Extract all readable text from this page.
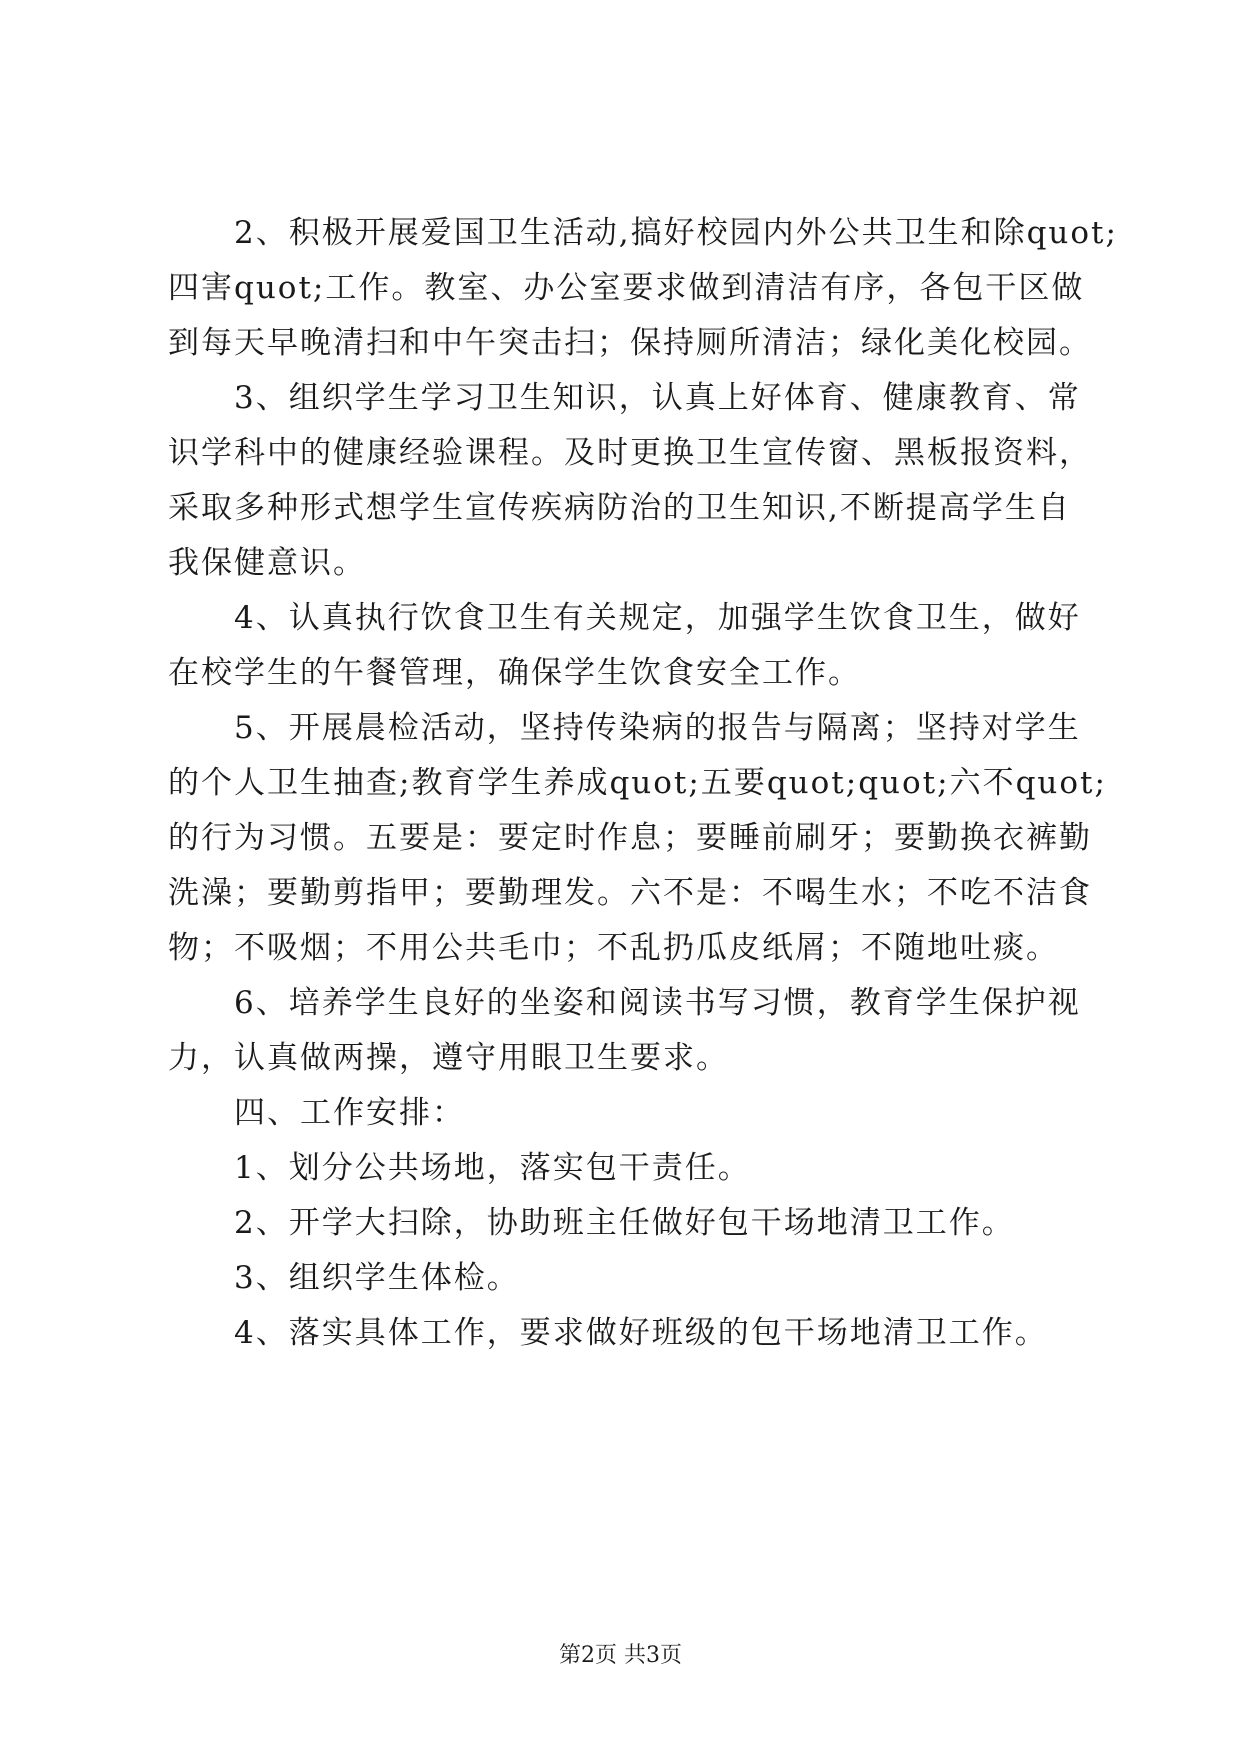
　　2、积极开展爱国卫生活动,搞好校园内外公共卫生和除quot;
四害quot;工作。教室、办公室要求做到清洁有序，各包干区做
到每天早晚清扫和中午突击扫；保持厕所清洁；绿化美化校园。
　　3、组织学生学习卫生知识，认真上好体育、健康教育、常
识学科中的健康经验课程。及时更换卫生宣传窗、黑板报资料，
采取多种形式想学生宣传疾病防治的卫生知识,不断提高学生自
我保健意识。
　　4、认真执行饮食卫生有关规定，加强学生饮食卫生，做好
在校学生的午餐管理，确保学生饮食安全工作。
　　5、开展晨检活动，坚持传染病的报告与隔离；坚持对学生
的个人卫生抽查;教育学生养成quot;五要quot;quot;六不quot;
的行为习惯。五要是：要定时作息；要睡前刷牙；要勤换衣裤勤
洗澡；要勤剪指甲；要勤理发。六不是：不喝生水；不吃不洁食
物；不吸烟；不用公共毛巾；不乱扔瓜皮纸屑；不随地吐痰。
　　6、培养学生良好的坐姿和阅读书写习惯，教育学生保护视
力，认真做两操，遵守用眼卫生要求。
　　四、工作安排：
　　1、划分公共场地，落实包干责任。
　　2、开学大扫除，协助班主任做好包干场地清卫工作。
　　3、组织学生体检。
　　4、落实具体工作，要求做好班级的包干场地清卫工作。
第2页 共3页
